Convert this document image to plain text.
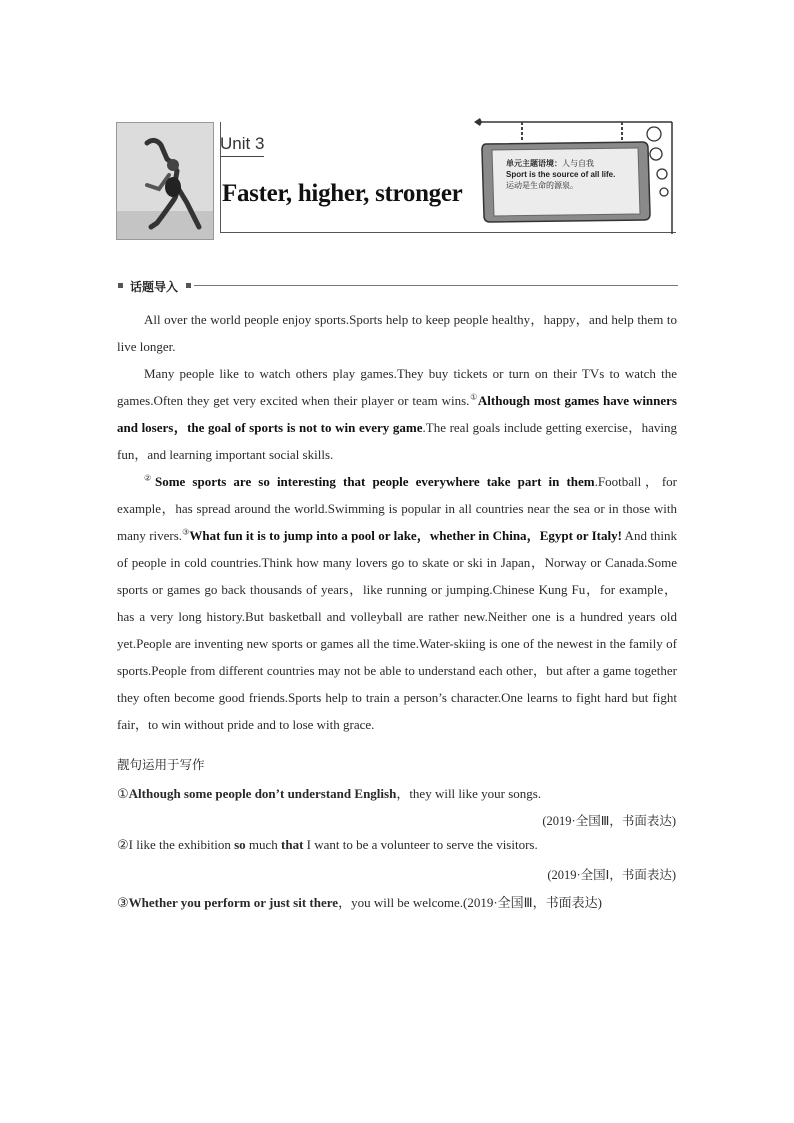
Unit 3
Faster, higher, stronger
单元主题语境：人与自我
Sport is the source of all life.
运动是生命的源泉。
话题导入

All over the world people enjoy sports.Sports help to keep people healthy，happy，and help them to live longer.

Many people like to watch others play games.They buy tickets or turn on their TVs to watch the games.Often they get very excited when their player or team wins.①Although most games have winners and losers，the goal of sports is not to win every game.The real goals include getting exercise，having fun，and learning important social skills.

②Some sports are so interesting that people everywhere take part in them.Football，for example，has spread around the world.Swimming is popular in all countries near the sea or in those with many rivers.③What fun it is to jump into a pool or lake，whether in China，Egypt or Italy! And think of people in cold countries.Think how many lovers go to skate or ski in Japan，Norway or Canada.Some sports or games go back thousands of years，like running or jumping.Chinese Kung Fu，for example，has a very long history.But basketball and volleyball are rather new.Neither one is a hundred years old yet.People are inventing new sports or games all the time.Water-skiing is one of the newest in the family of sports.People from different countries may not be able to understand each other，but after a game together they often become good friends.Sports help to train a person’s character.One learns to fight hard but fight fair，to win without pride and to lose with grace.

靓句运用于写作
①Although some people don’t understand English，they will like your songs.
(2019·全国Ⅲ，书面表达)
②I like the exhibition so much that I want to be a volunteer to serve the visitors.
(2019·全国Ⅰ，书面表达)
③Whether you perform or just sit there，you will be welcome.(2019·全国Ⅲ，书面表达)
